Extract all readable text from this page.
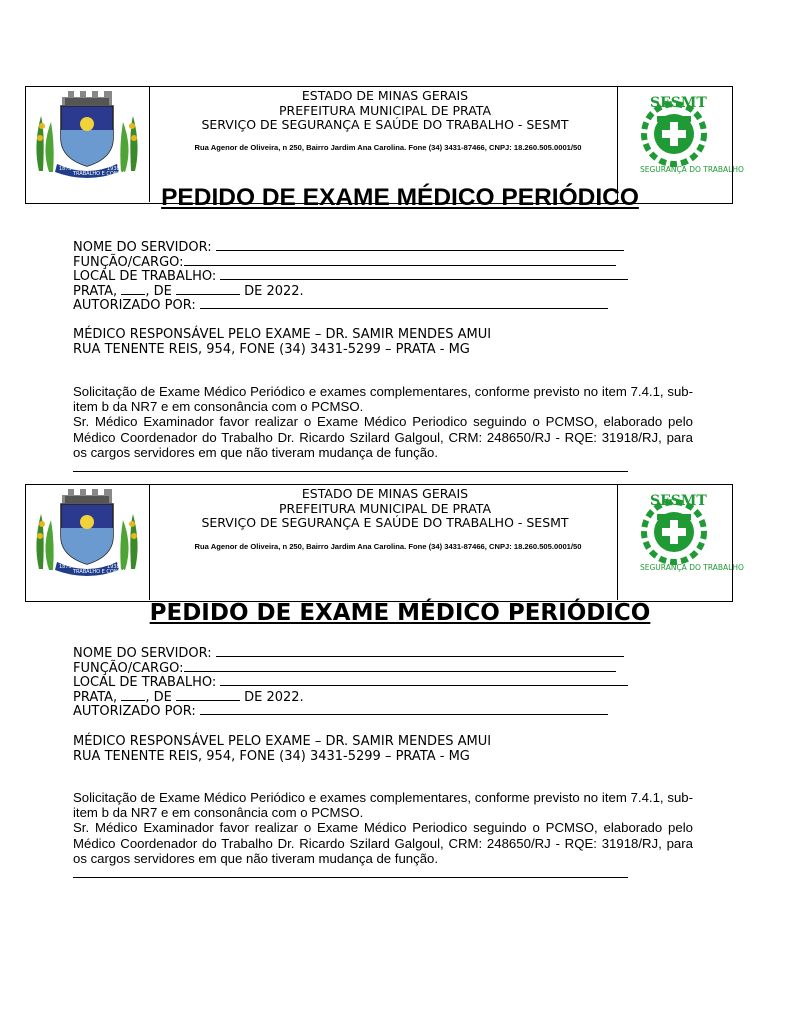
1873
TRABALHO E CONFIANÇA
1938
SESMT
SEGURANÇA DO TRABALHO
ESTADO DE MINAS GERAIS
PREFEITURA MUNICIPAL DE PRATA
SERVIÇO DE SEGURANÇA E SAÚDE DO TRABALHO - SESMT
Rua Agenor de Oliveira, n 250, Bairro Jardim Ana Carolina. Fone (34) 3431-87466, CNPJ: 18.260.505.0001/50
PEDIDO DE EXAME MÉDICO PERIÓDICO
NOME DO SERVIDOR:
FUNÇÃO/CARGO:
LOCAL DE TRABALHO:
PRATA, , DE	DE 2022.
AUTORIZADO POR:
MÉDICO RESPONSÁVEL PELO EXAME – DR. SAMIR MENDES AMUI
RUA TENENTE REIS, 954, FONE (34) 3431-5299 – PRATA - MG

Solicitação de Exame Médico Periódico e exames complementares, conforme previsto no item 7.4.1, sub-item b da NR7 e em consonância com o PCMSO.

Sr. Médico Examinador favor realizar o Exame Médico Periodico seguindo o PCMSO, elaborado pelo Médico Coordenador do Trabalho Dr. Ricardo Szilard Galgoul, CRM: 248650/RJ - RQE: 31918/RJ, para os cargos servidores em que não tiveram mudança de função.

1873
TRABALHO E CONFIANÇA
1938
SESMT
SEGURANÇA DO TRABALHO
ESTADO DE MINAS GERAIS
PREFEITURA MUNICIPAL DE PRATA
SERVIÇO DE SEGURANÇA E SAÚDE DO TRABALHO - SESMT
Rua Agenor de Oliveira, n 250, Bairro Jardim Ana Carolina. Fone (34) 3431-87466, CNPJ: 18.260.505.0001/50
PEDIDO DE EXAME MÉDICO PERIÓDICO
NOME DO SERVIDOR:
FUNÇÃO/CARGO:
LOCAL DE TRABALHO:
PRATA, , DE	DE 2022.
AUTORIZADO POR:
MÉDICO RESPONSÁVEL PELO EXAME – DR. SAMIR MENDES AMUI
RUA TENENTE REIS, 954, FONE (34) 3431-5299 – PRATA - MG

Solicitação de Exame Médico Periódico e exames complementares, conforme previsto no item 7.4.1, sub-item b da NR7 e em consonância com o PCMSO.

Sr. Médico Examinador favor realizar o Exame Médico Periodico seguindo o PCMSO, elaborado pelo Médico Coordenador do Trabalho Dr. Ricardo Szilard Galgoul, CRM: 248650/RJ - RQE: 31918/RJ, para os cargos servidores em que não tiveram mudança de função.
